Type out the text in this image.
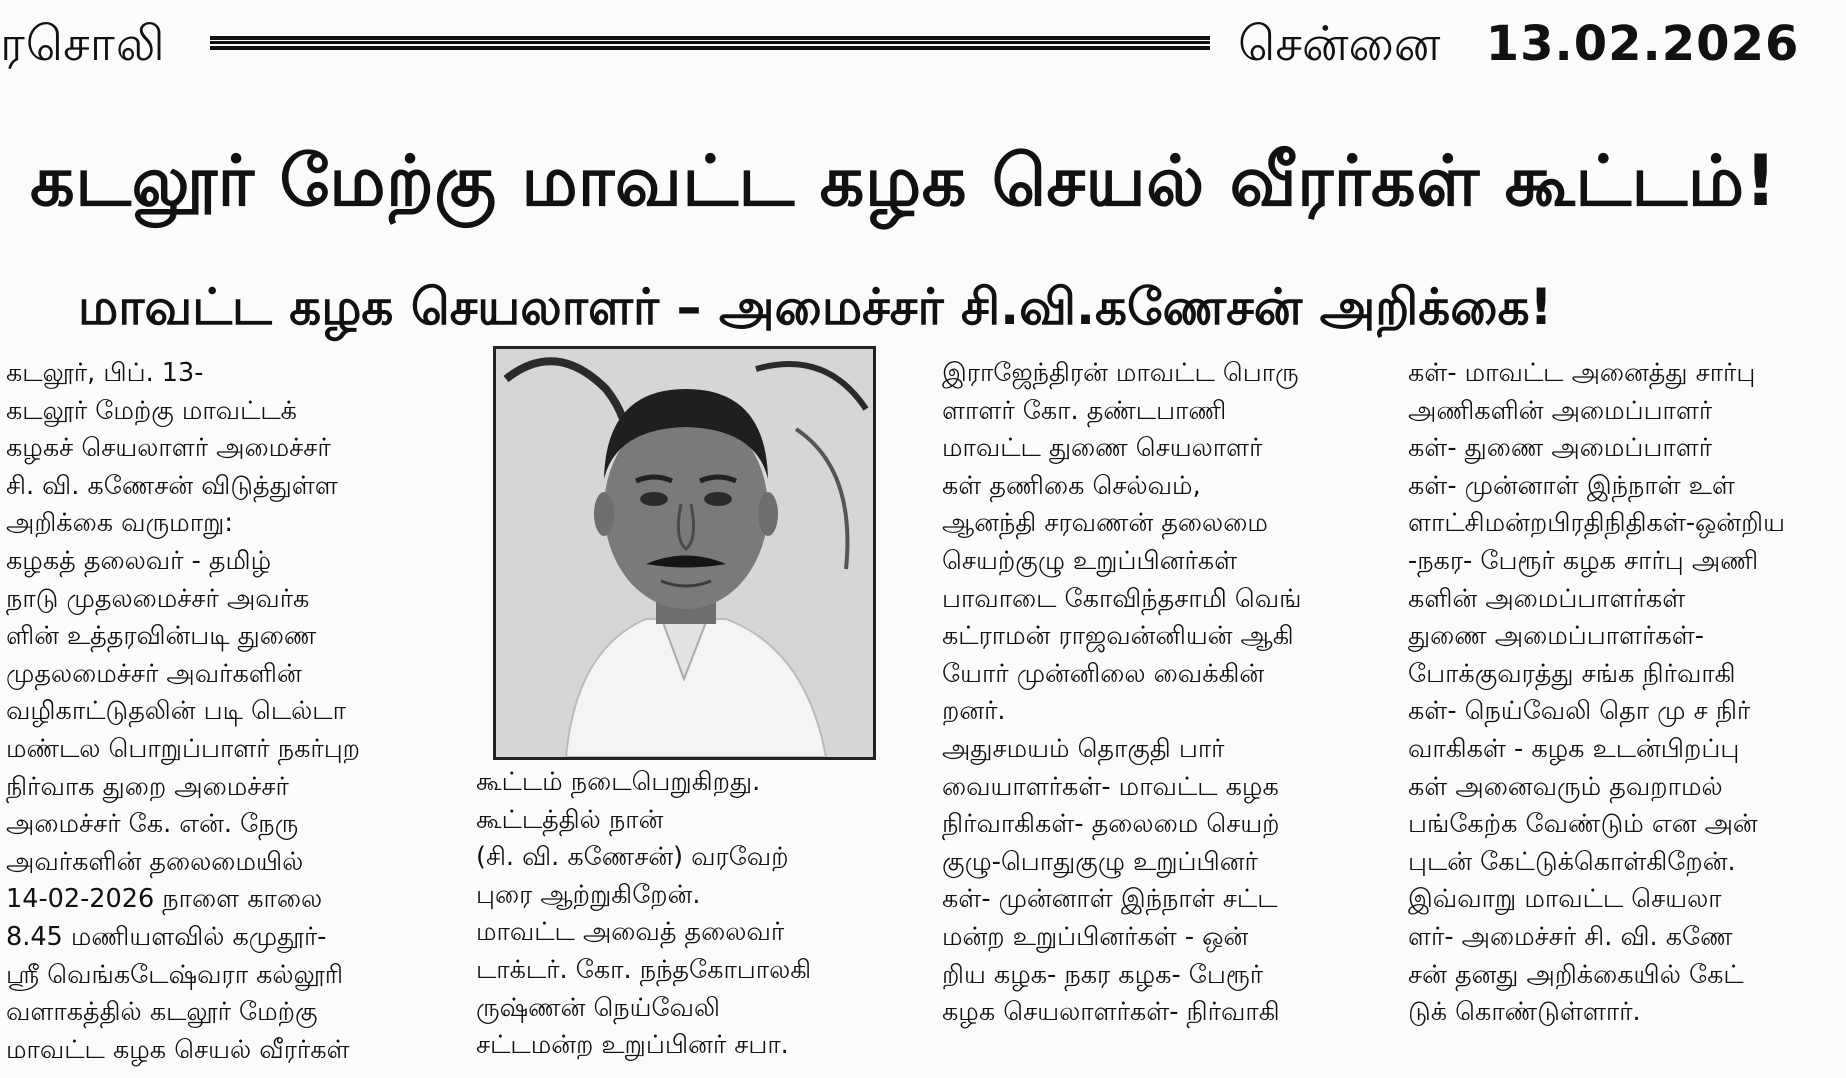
ரசொலி	சென்னை 13.02.2026
கடலூர் மேற்கு மாவட்ட கழக செயல் வீரர்கள் கூட்டம்!
மாவட்ட கழக செயலாளர் – அமைச்சர் சி.வி.கணேசன் அறிக்கை!
கடலூர், பிப். 13-
கடலூர் மேற்கு மாவட்டக்
கழகச் செயலாளர் அமைச்சர்
சி. வி. கணேசன் விடுத்துள்ள
அறிக்கை வருமாறு:
கழகத் தலைவர் - தமிழ்
நாடு முதலமைச்சர் அவர்க
ளின் உத்தரவின்படி துணை
முதலமைச்சர் அவர்களின்
வழிகாட்டுதலின் படி டெல்டா
மண்டல பொறுப்பாளர் நகர்புற
நிர்வாக துறை அமைச்சர்
அமைச்சர் கே. என். நேரு
அவர்களின் தலைமையில்
14-02-2026 நாளை காலை
8.45 மணியளவில் கமுதூர்-
ஸ்ரீ வெங்கடேஷ்வரா கல்லூரி
வளாகத்தில் கடலூர் மேற்கு
மாவட்ட கழக செயல் வீரர்கள்
கூட்டம் நடைபெறுகிறது.
கூட்டத்தில் நான்
(சி. வி. கணேசன்) வரவேற்
புரை ஆற்றுகிறேன்.
மாவட்ட அவைத் தலைவர்
டாக்டர். கோ. நந்தகோபாலகி
ருஷ்ணன் நெய்வேலி
சட்டமன்ற உறுப்பினர் சபா.
இராஜேந்திரன் மாவட்ட பொரு
ளாளர் கோ. தண்டபாணி
மாவட்ட துணை செயலாளர்
கள் தணிகை செல்வம்,
ஆனந்தி சரவணன் தலைமை
செயற்குழு உறுப்பினர்கள்
பாவாடை கோவிந்தசாமி வெங்
கட்ராமன் ராஜவன்னியன் ஆகி
யோர் முன்னிலை வைக்கின்
றனர்.
அதுசமயம் தொகுதி பார்
வையாளர்கள்- மாவட்ட கழக
நிர்வாகிகள்- தலைமை செயற்
குழு-பொதுகுழு உறுப்பினர்
கள்- முன்னாள் இந்நாள் சட்ட
மன்ற உறுப்பினர்கள் - ஒன்
றிய கழக- நகர கழக- பேரூர்
கழக செயலாளர்கள்- நிர்வாகி
கள்- மாவட்ட அனைத்து சார்பு
அணிகளின் அமைப்பாளர்
கள்- துணை அமைப்பாளர்
கள்- முன்னாள் இந்நாள் உள்
ளாட்சிமன்றபிரதிநிதிகள்-ஒன்றிய
-நகர- பேரூர் கழக சார்பு அணி
களின் அமைப்பாளர்கள்
துணை அமைப்பாளர்கள்-
போக்குவரத்து சங்க நிர்வாகி
கள்- நெய்வேலி தொ மு ச நிர்
வாகிகள் - கழக உடன்பிறப்பு
கள் அனைவரும் தவறாமல்
பங்கேற்க வேண்டும் என அன்
புடன் கேட்டுக்கொள்கிறேன்.
இவ்வாறு மாவட்ட செயலா
ளர்- அமைச்சர் சி. வி. கணே
சன் தனது அறிக்கையில் கேட்
டுக் கொண்டுள்ளார்.
